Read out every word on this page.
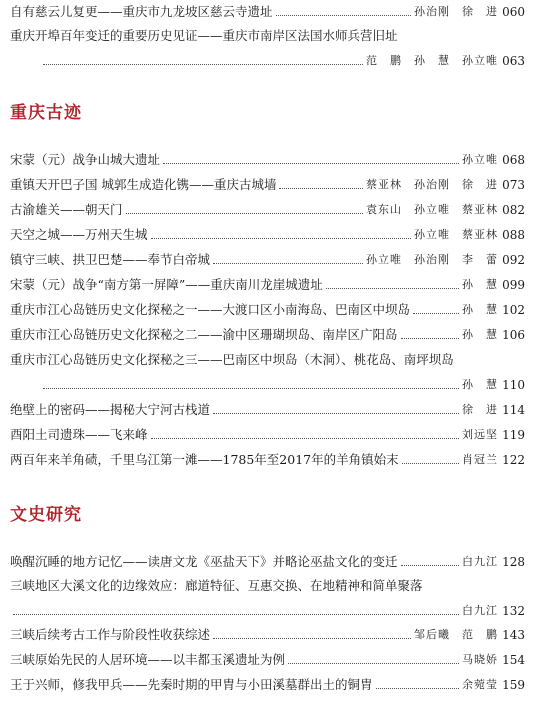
自有慈云儿复更——重庆市九龙坡区慈云寺遗址	孙治刚　徐　进 060
重庆开埠百年变迁的重要历史见证——重庆市南岸区法国水师兵营旧址
范　鹏　孙　慧　孙立唯 063
重庆古迹
宋蒙（元）战争山城大遗址	孙立唯 068
重镇天开巴子国 城郭生成造化镌——重庆古城墙	蔡亚林　孙治刚　徐　进 073
古渝雄关——朝天门	袁东山　孙立唯　蔡亚林 082
天空之城——万州天生城	孙立唯　蔡亚林 088
镇守三峡、拱卫巴楚——奉节白帝城	孙立唯　孙治刚　李　蕾 092
宋蒙（元）战争“南方第一屏障”——重庆南川龙崖城遗址	孙　慧 099
重庆市江心岛链历史文化探秘之一——大渡口区小南海岛、巴南区中坝岛	孙　慧 102
重庆市江心岛链历史文化探秘之二——渝中区珊瑚坝岛、南岸区广阳岛	孙　慧 106
重庆市江心岛链历史文化探秘之三——巴南区中坝岛（木洞）、桃花岛、南坪坝岛
孙　慧 110
绝壁上的密码——揭秘大宁河古栈道	徐　进 114
酉阳土司遗珠——飞来峰	刘远坚 119
两百年来羊角碛，千里乌江第一滩——1785年至2017年的羊角镇始末	肖冠兰 122
文史研究
唤醒沉睡的地方记忆——读唐文龙《巫盐天下》并略论巫盐文化的变迁	白九江 128
三峡地区大溪文化的边缘效应：廊道特征、互惠交换、在地精神和简单聚落
白九江 132
三峡后续考古工作与阶段性收获综述	邹后曦　范　鹏 143
三峡原始先民的人居环境——以丰都玉溪遗址为例	马晓娇 154
王于兴师，修我甲兵——先秦时期的甲胄与小田溪墓群出土的铜胄	余菀莹 159
